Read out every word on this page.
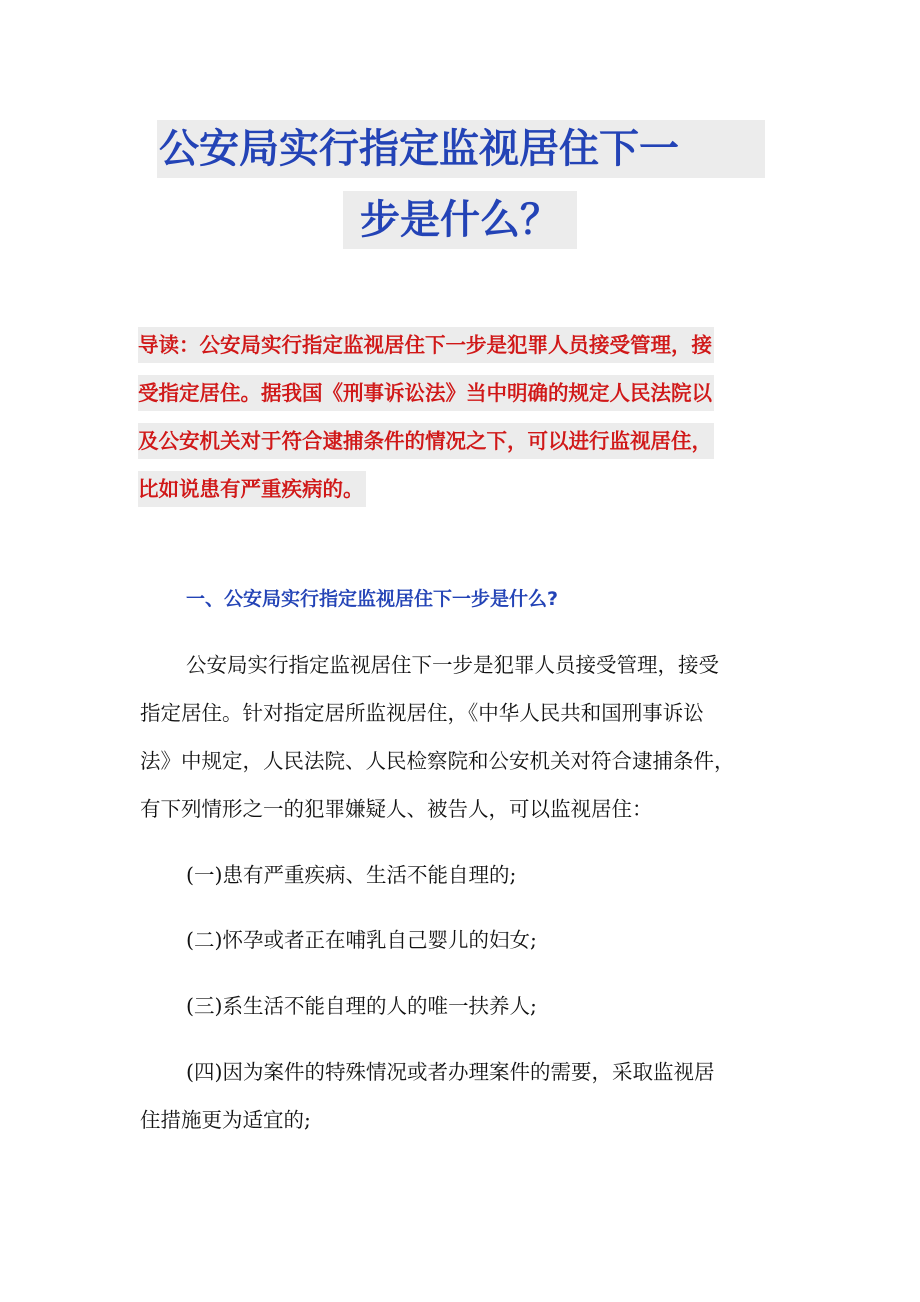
公安局实行指定监视居住下一
步是什么？
导读：公安局实行指定监视居住下一步是犯罪人员接受管理，接
受指定居住。据我国《刑事诉讼法》当中明确的规定人民法院以
及公安机关对于符合逮捕条件的情况之下，可以进行监视居住，
比如说患有严重疾病的。
一、公安局实行指定监视居住下一步是什么?
公安局实行指定监视居住下一步是犯罪人员接受管理，接受
指定居住。针对指定居所监视居住，《中华人民共和国刑事诉讼
法》中规定，人民法院、人民检察院和公安机关对符合逮捕条件，
有下列情形之一的犯罪嫌疑人、被告人，可以监视居住：
(一)患有严重疾病、生活不能自理的;
(二)怀孕或者正在哺乳自己婴儿的妇女;
(三)系生活不能自理的人的唯一扶养人;
(四)因为案件的特殊情况或者办理案件的需要，采取监视居
住措施更为适宜的;
